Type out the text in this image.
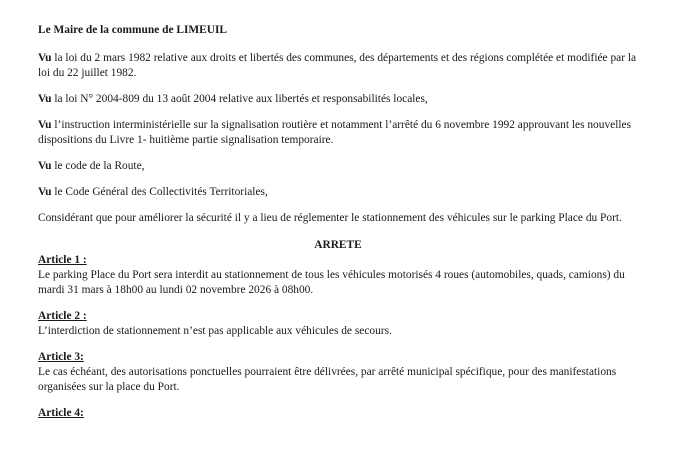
Le Maire de la commune de LIMEUIL
Vu la loi du 2 mars 1982 relative aux droits et libertés des communes, des départements et des régions complétée et modifiée par la loi du 22 juillet 1982.
Vu la loi N° 2004-809 du 13 août 2004 relative aux libertés et responsabilités locales,
Vu l’instruction interministérielle sur la signalisation routière et notamment l’arrêté du 6 novembre 1992 approuvant les nouvelles dispositions du Livre 1- huitième partie signalisation temporaire.
Vu le code de la Route,
Vu le Code Général des Collectivités Territoriales,
Considérant que pour améliorer la sécurité il y a lieu de réglementer le stationnement des véhicules sur le parking Place du Port.
ARRETE
Article 1 :
Le parking Place du Port sera interdit au stationnement de tous les véhicules motorisés 4 roues (automobiles, quads, camions) du mardi 31 mars à 18h00 au lundi 02 novembre 2026 à 08h00.
Article 2 :
L’interdiction de stationnement n’est pas applicable aux véhicules de secours.
Article 3:
Le cas échéant, des autorisations ponctuelles pourraient être délivrées, par arrêté municipal spécifique, pour des manifestations organisées sur la place du Port.
Article 4:
